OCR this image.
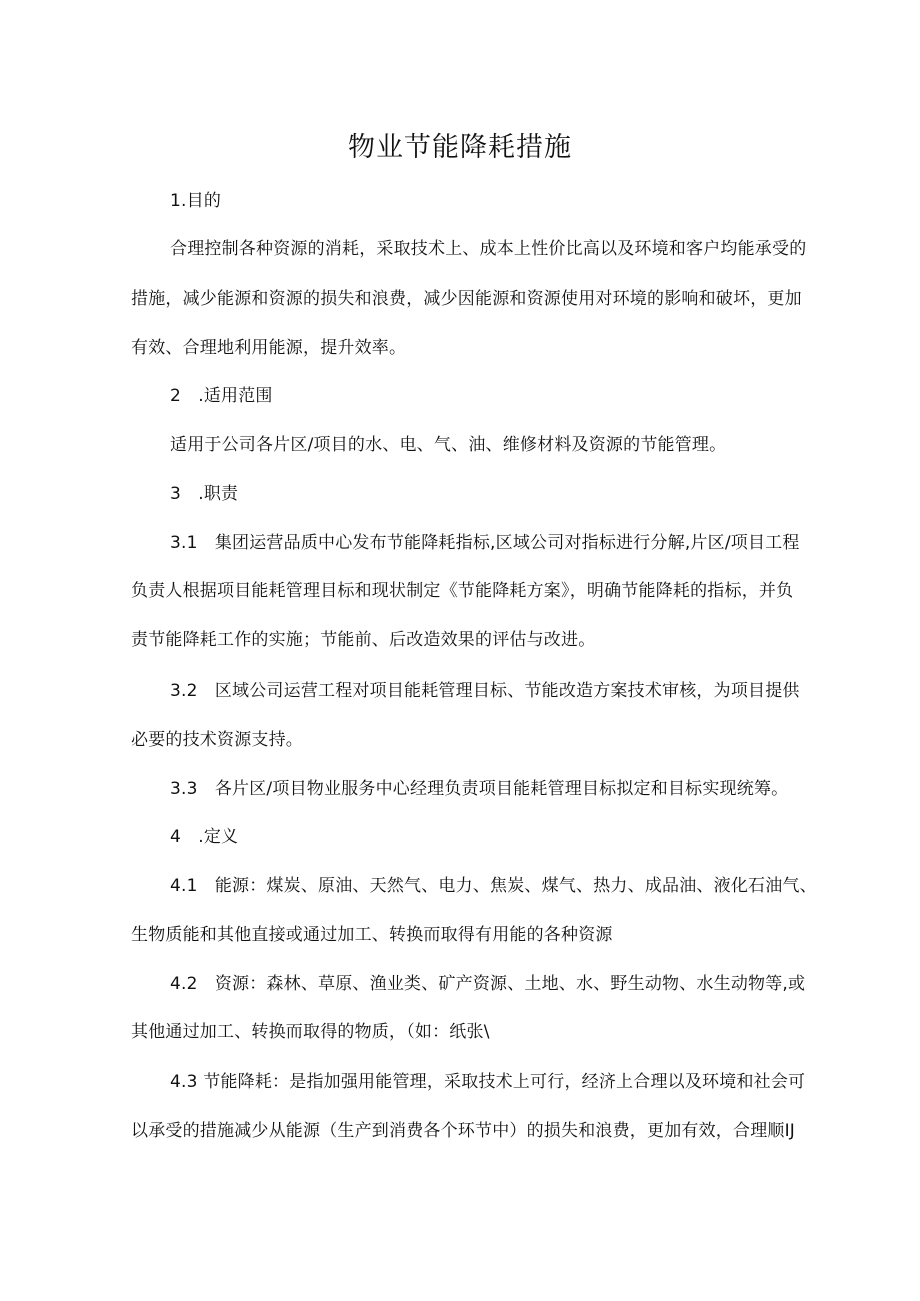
物业节能降耗措施
1.目的
合理控制各种资源的消耗，采取技术上、成本上性价比高以及环境和客户均能承受的
措施，减少能源和资源的损失和浪费，减少因能源和资源使用对环境的影响和破坏，更加
有效、合理地利用能源，提升效率。
2　.适用范围
适用于公司各片区/项目的水、电、气、油、维修材料及资源的节能管理。
3　.职责
3.1　集团运营品质中心发布节能降耗指标,区域公司对指标进行分解,片区/项目工程
负责人根据项目能耗管理目标和现状制定《节能降耗方案》，明确节能降耗的指标，并负
责节能降耗工作的实施；节能前、后改造效果的评估与改进。
3.2　区域公司运营工程对项目能耗管理目标、节能改造方案技术审核，为项目提供
必要的技术资源支持。
3.3　各片区/项目物业服务中心经理负责项目能耗管理目标拟定和目标实现统筹。
4　.定义
4.1　能源：煤炭、原油、天然气、电力、焦炭、煤气、热力、成品油、液化石油气、
生物质能和其他直接或通过加工、转换而取得有用能的各种资源
4.2　资源：森林、草原、渔业类、矿产资源、土地、水、野生动物、水生动物等,或
其他通过加工、转换而取得的物质，（如：纸张\
4.3 节能降耗：是指加强用能管理，采取技术上可行，经济上合理以及环境和社会可
以承受的措施减少从能源（生产到消费各个环节中）的损失和浪费，更加有效，合理顺IJ
